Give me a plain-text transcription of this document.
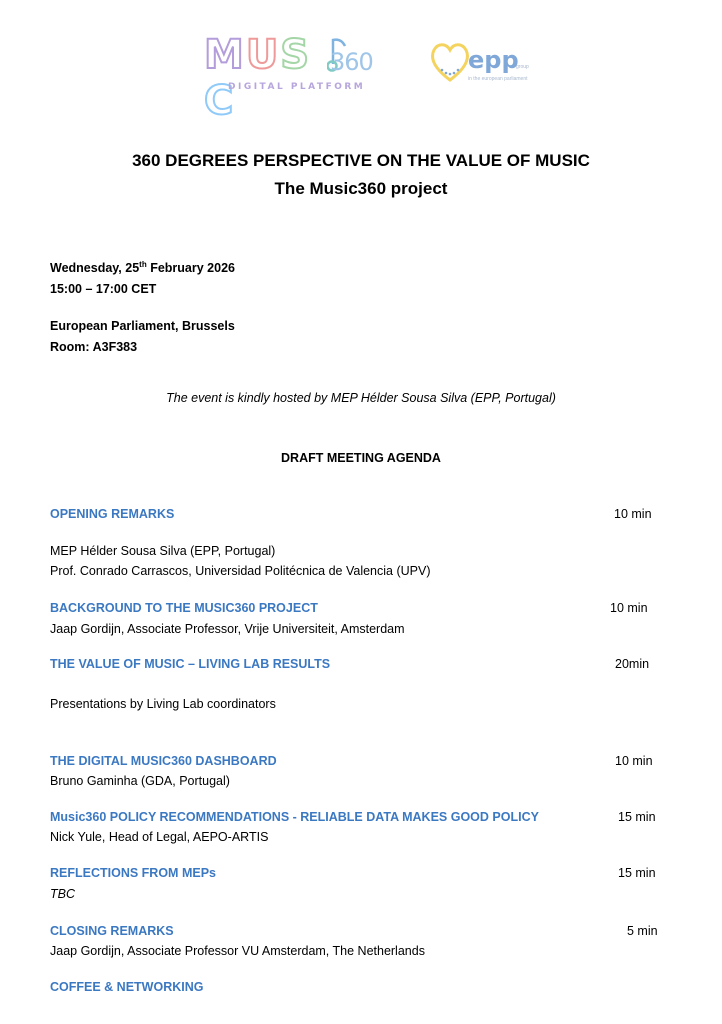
MUS C
360
DIGITAL PLATFORM
epp
group
in the european parliament
360 DEGREES PERSPECTIVE ON THE VALUE OF MUSIC
The Music360 project
Wednesday, 25th February 2026
15:00 – 17:00 CET
European Parliament, Brussels
Room: A3F383
The event is kindly hosted by MEP Hélder Sousa Silva (EPP, Portugal)
DRAFT MEETING AGENDA
OPENING REMARKS	10 min
MEP Hélder Sousa Silva (EPP, Portugal)
Prof. Conrado Carrascos, Universidad Politécnica de Valencia (UPV)
BACKGROUND TO THE MUSIC360 PROJECT	10 min
Jaap Gordijn, Associate Professor, Vrije Universiteit, Amsterdam
THE VALUE OF MUSIC – LIVING LAB RESULTS	20min
Presentations by Living Lab coordinators
THE DIGITAL MUSIC360 DASHBOARD	10 min
Bruno Gaminha (GDA, Portugal)
Music360 POLICY RECOMMENDATIONS - RELIABLE DATA MAKES GOOD POLICY	15 min
Nick Yule, Head of Legal, AEPO-ARTIS
REFLECTIONS FROM MEPs	15 min
TBC
CLOSING REMARKS	5 min
Jaap Gordijn, Associate Professor VU Amsterdam, The Netherlands
COFFEE & NETWORKING
